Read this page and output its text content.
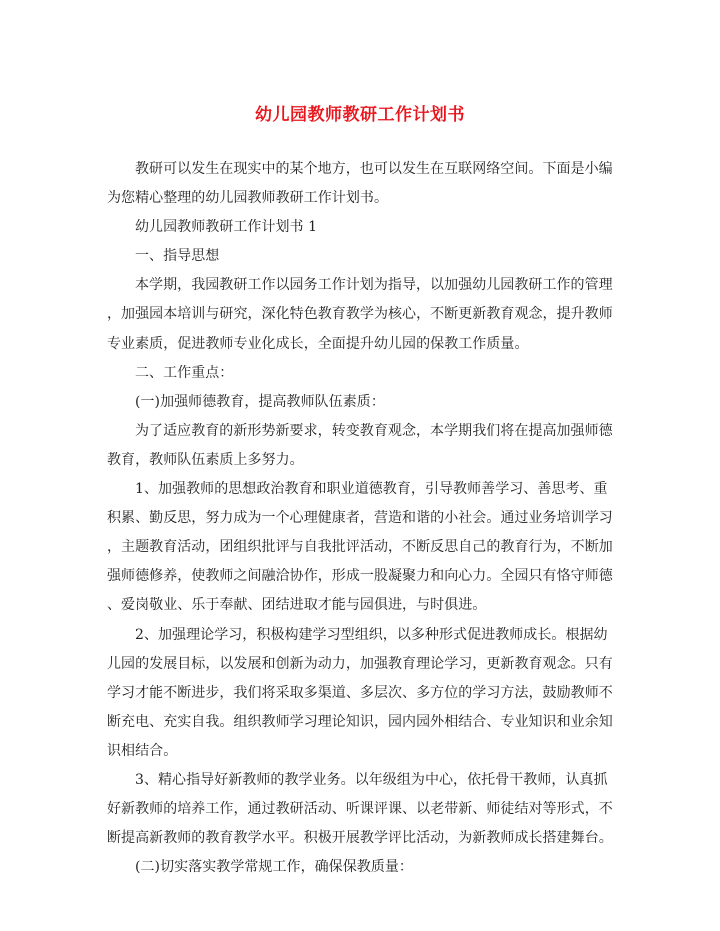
幼儿园教师教研工作计划书
教研可以发生在现实中的某个地方，也可以发生在互联网络空间。下面是小编
为您精心整理的幼儿园教师教研工作计划书。
幼儿园教师教研工作计划书 1
一、指导思想
本学期，我园教研工作以园务工作计划为指导，以加强幼儿园教研工作的管理
，加强园本培训与研究，深化特色教育教学为核心，不断更新教育观念，提升教师
专业素质，促进教师专业化成长，全面提升幼儿园的保教工作质量。
二、工作重点：
(一)加强师德教育，提高教师队伍素质：
为了适应教育的新形势新要求，转变教育观念，本学期我们将在提高加强师德
教育，教师队伍素质上多努力。
1、加强教师的思想政治教育和职业道德教育，引导教师善学习、善思考、重
积累、勤反思，努力成为一个心理健康者，营造和谐的小社会。通过业务培训学习
，主题教育活动，团组织批评与自我批评活动，不断反思自己的教育行为，不断加
强师德修养，使教师之间融洽协作，形成一股凝聚力和向心力。全园只有恪守师德
、爱岗敬业、乐于奉献、团结进取才能与园俱进，与时俱进。
2、加强理论学习，积极构建学习型组织，以多种形式促进教师成长。根据幼
儿园的发展目标，以发展和创新为动力，加强教育理论学习，更新教育观念。只有
学习才能不断进步，我们将采取多渠道、多层次、多方位的学习方法，鼓励教师不
断充电、充实自我。组织教师学习理论知识，园内园外相结合、专业知识和业余知
识相结合。
3、精心指导好新教师的教学业务。以年级组为中心，依托骨干教师，认真抓
好新教师的培养工作，通过教研活动、听课评课、以老带新、师徒结对等形式，不
断提高新教师的教育教学水平。积极开展教学评比活动，为新教师成长搭建舞台。
(二)切实落实教学常规工作，确保保教质量：
